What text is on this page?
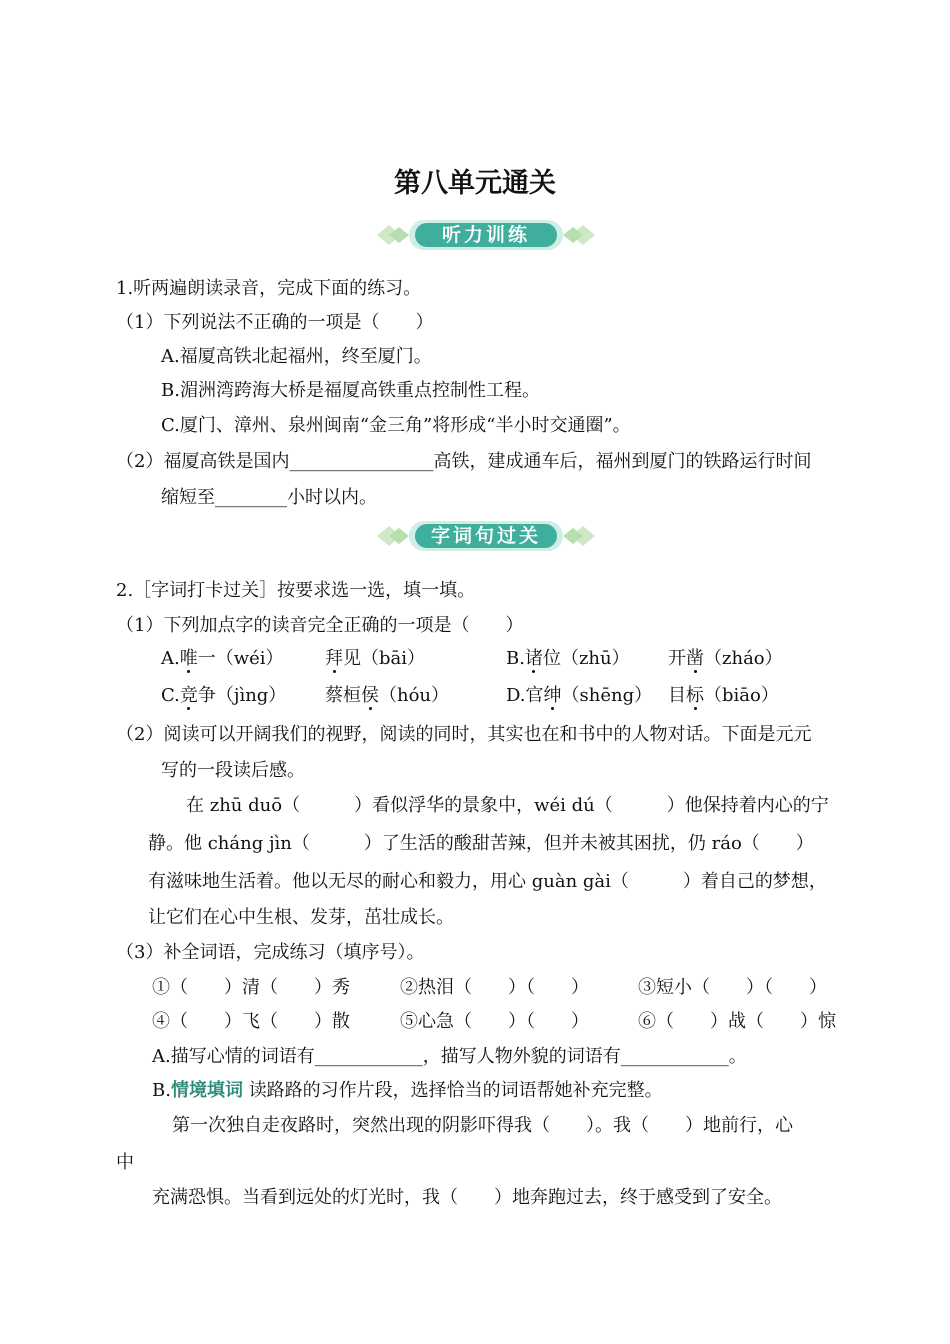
第八单元通关
听力训练
1.听两遍朗读录音，完成下面的练习。
（1）下列说法不正确的一项是（　　）
A.福厦高铁北起福州，终至厦门。
B.湄洲湾跨海大桥是福厦高铁重点控制性工程。
C.厦门、漳州、泉州闽南“金三角”将形成“半小时交通圈”。
（2）福厦高铁是国内________________高铁，建成通车后，福州到厦门的铁路运行时间
缩短至________小时以内。
字词句过关
2.［字词打卡过关］按要求选一选，填一填。
（1）下列加点字的读音完全正确的一项是（　　）
A.唯一（wéi） 拜见（bāi）	B.诸位（zhū） 开凿（zháo）
C.竞争（jìng） 蔡桓侯（hóu）	D.官绅（shēng） 目标（biāo）
（2）阅读可以开阔我们的视野，阅读的同时，其实也在和书中的人物对话。下面是元元
写的一段读后感。
在 zhū duō（　　　）看似浮华的景象中，wéi dú（　　　）他保持着内心的宁
静。他 cháng jìn（　　　）了生活的酸甜苦辣，但并未被其困扰，仍 ráo（　　）
有滋味地生活着。他以无尽的耐心和毅力，用心 guàn gài（　　　）着自己的梦想，
让它们在心中生根、发芽，茁壮成长。
（3）补全词语，完成练习（填序号）。
①（　　）清（　　）秀	②热泪（　　）（　　）	③短小（　　）（　　）
④（　　）飞（　　）散	⑤心急（　　）（　　）	⑥（　　）战（　　）惊
A.描写心情的词语有____________，描写人物外貌的词语有____________。
B.情境填词 读路路的习作片段，选择恰当的词语帮她补充完整。
第一次独自走夜路时，突然出现的阴影吓得我（　　）。我（　　）地前行，心
中
充满恐惧。当看到远处的灯光时，我（　　）地奔跑过去，终于感受到了安全。
